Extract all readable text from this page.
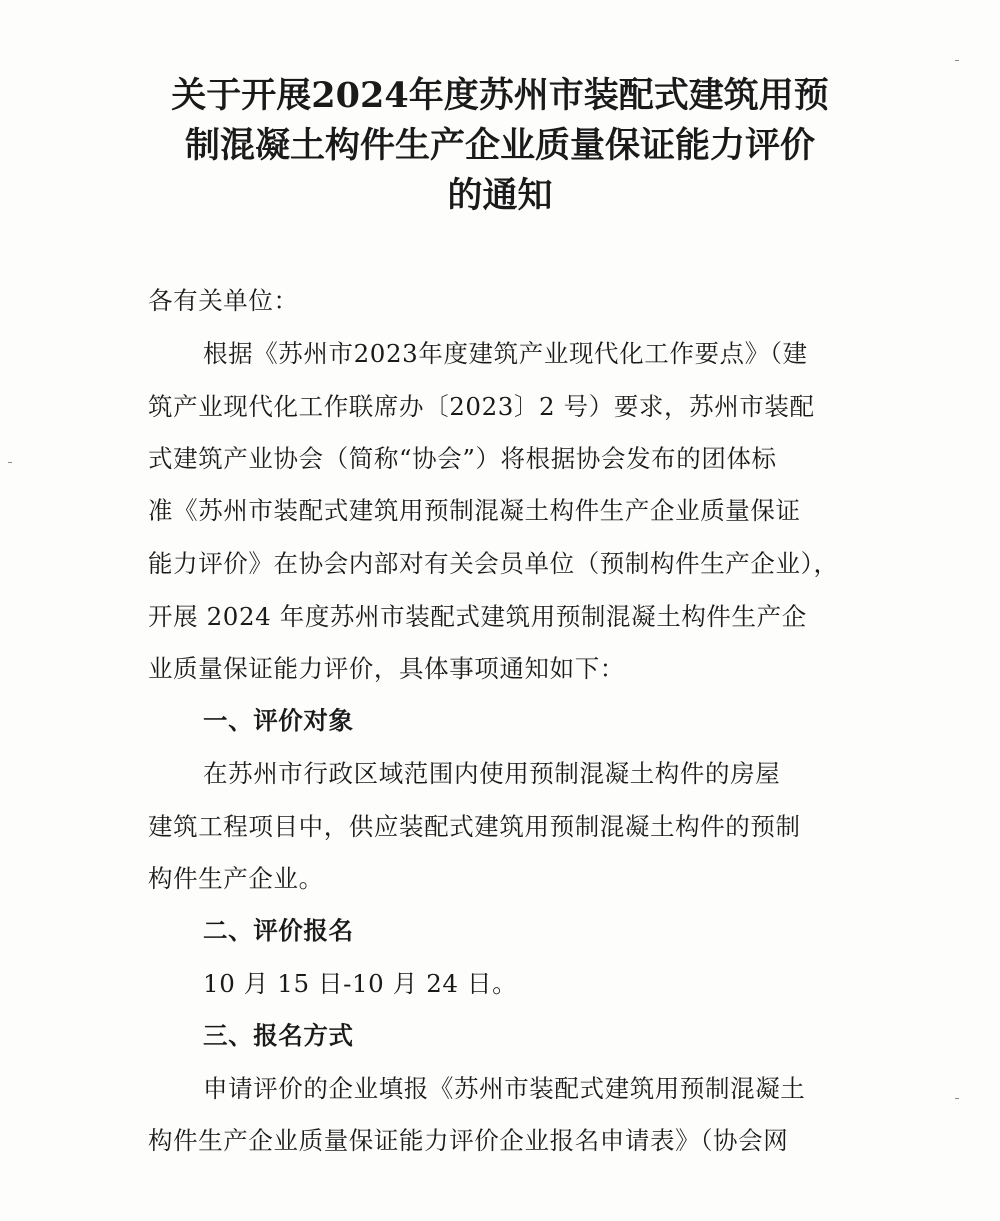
关于开展2024年度苏州市装配式建筑用预
制混凝土构件生产企业质量保证能力评价
的通知
各有关单位：
根据《苏州市2023年度建筑产业现代化工作要点》（建
筑产业现代化工作联席办〔2023〕2 号）要求，苏州市装配
式建筑产业协会（简称“协会”）将根据协会发布的团体标
准《苏州市装配式建筑用预制混凝土构件生产企业质量保证
能力评价》在协会内部对有关会员单位（预制构件生产企业），
开展 2024 年度苏州市装配式建筑用预制混凝土构件生产企
业质量保证能力评价，具体事项通知如下：
一、评价对象
在苏州市行政区域范围内使用预制混凝土构件的房屋
建筑工程项目中，供应装配式建筑用预制混凝土构件的预制
构件生产企业。
二、评价报名
10 月 15 日-10 月 24 日。
三、报名方式
申请评价的企业填报《苏州市装配式建筑用预制混凝土
构件生产企业质量保证能力评价企业报名申请表》（协会网
